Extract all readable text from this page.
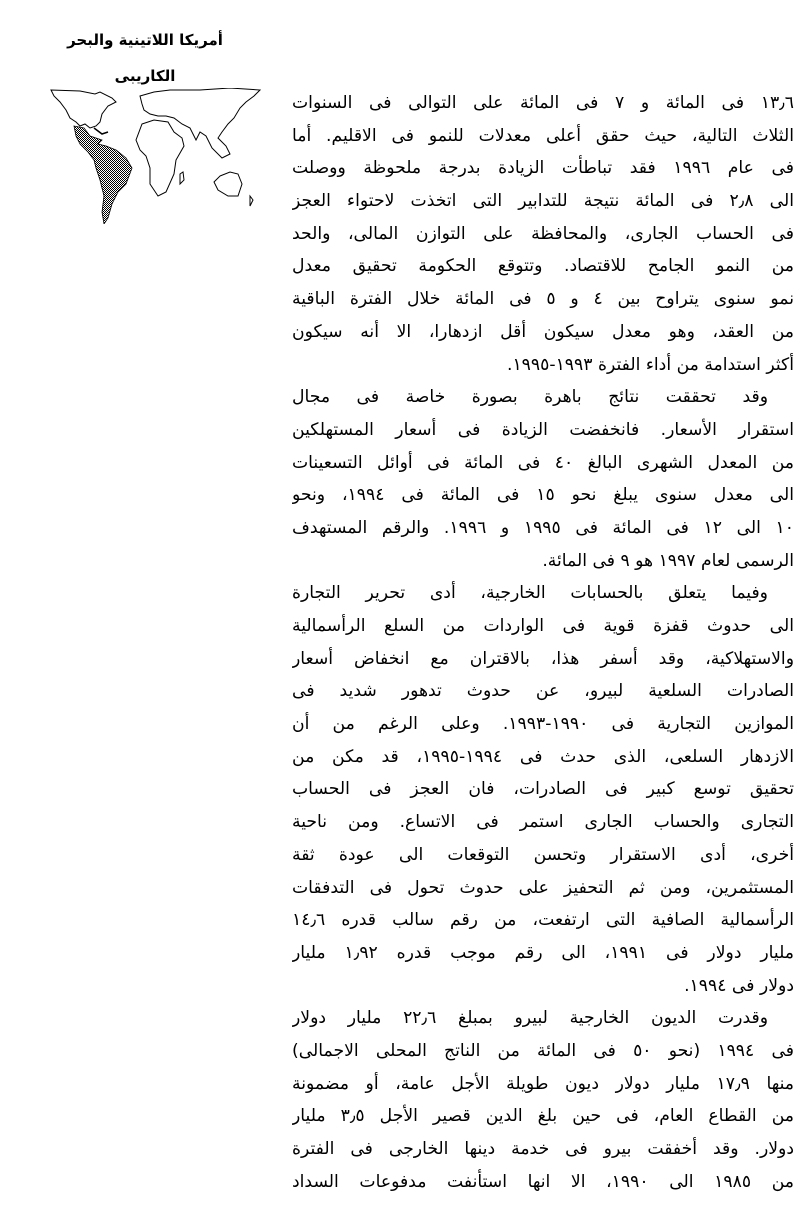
أمريكا اللاتينية والبحر
الكاريبى
١٣٫٦ فى المائة و ٧ فى المائة على التوالى فى السنوات
الثلاث التالية، حيث حقق أعلى معدلات للنمو فى الاقليم. أما
فى عام ١٩٩٦ فقد تباطأت الزيادة بدرجة ملحوظة ووصلت
الى ٢٫٨ فى المائة نتيجة للتدابير التى اتخذت لاحتواء العجز
فى الحساب الجارى، والمحافظة على التوازن المالى، والحد
من النمو الجامح للاقتصاد. وتتوقع الحكومة تحقيق معدل
نمو سنوى يتراوح بين ٤ و ٥ فى المائة خلال الفترة الباقية
من العقد، وهو معدل سيكون أقل ازدهارا، الا أنه سيكون
أكثر استدامة من أداء الفترة ١٩٩٣-١٩٩٥.
وقد تحققت نتائج باهرة بصورة خاصة فى مجال
استقرار الأسعار. فانخفضت الزيادة فى أسعار المستهلكين
من المعدل الشهرى البالغ ٤٠ فى المائة فى أوائل التسعينات
الى معدل سنوى يبلغ نحو ١٥ فى المائة فى ١٩٩٤، ونحو
١٠ الى ١٢ فى المائة فى ١٩٩٥ و ١٩٩٦. والرقم المستهدف
الرسمى لعام ١٩٩٧ هو ٩ فى المائة.
وفيما يتعلق بالحسابات الخارجية، أدى تحرير التجارة
الى حدوث قفزة قوية فى الواردات من السلع الرأسمالية
والاستهلاكية، وقد أسفر هذا، بالاقتران مع انخفاض أسعار
الصادرات السلعية لبيرو، عن حدوث تدهور شديد فى
الموازين التجارية فى ١٩٩٠-١٩٩٣. وعلى الرغم من أن
الازدهار السلعى، الذى حدث فى ١٩٩٤-١٩٩٥، قد مكن من
تحقيق توسع كبير فى الصادرات، فان العجز فى الحساب
التجارى والحساب الجارى استمر فى الاتساع. ومن ناحية
أخرى، أدى الاستقرار وتحسن التوقعات الى عودة ثقة
المستثمرين، ومن ثم التحفيز على حدوث تحول فى التدفقات
الرأسمالية الصافية التى ارتفعت، من رقم سالب قدره ١٤٫٦
مليار دولار فى ١٩٩١، الى رقم موجب قدره ١٫٩٢ مليار
دولار فى ١٩٩٤.
وقدرت الديون الخارجية لبيرو بمبلغ ٢٢٫٦ مليار دولار
فى ١٩٩٤ (نحو ٥٠ فى المائة من الناتج المحلى الاجمالى)
منها ١٧٫٩ مليار دولار ديون طويلة الأجل عامة، أو مضمونة
من القطاع العام، فى حين بلغ الدين قصير الأجل ٣٫٥ مليار
دولار. وقد أخفقت بيرو فى خدمة دينها الخارجى فى الفترة
من ١٩٨٥ الى ١٩٩٠، الا انها استأنفت مدفوعات السداد
